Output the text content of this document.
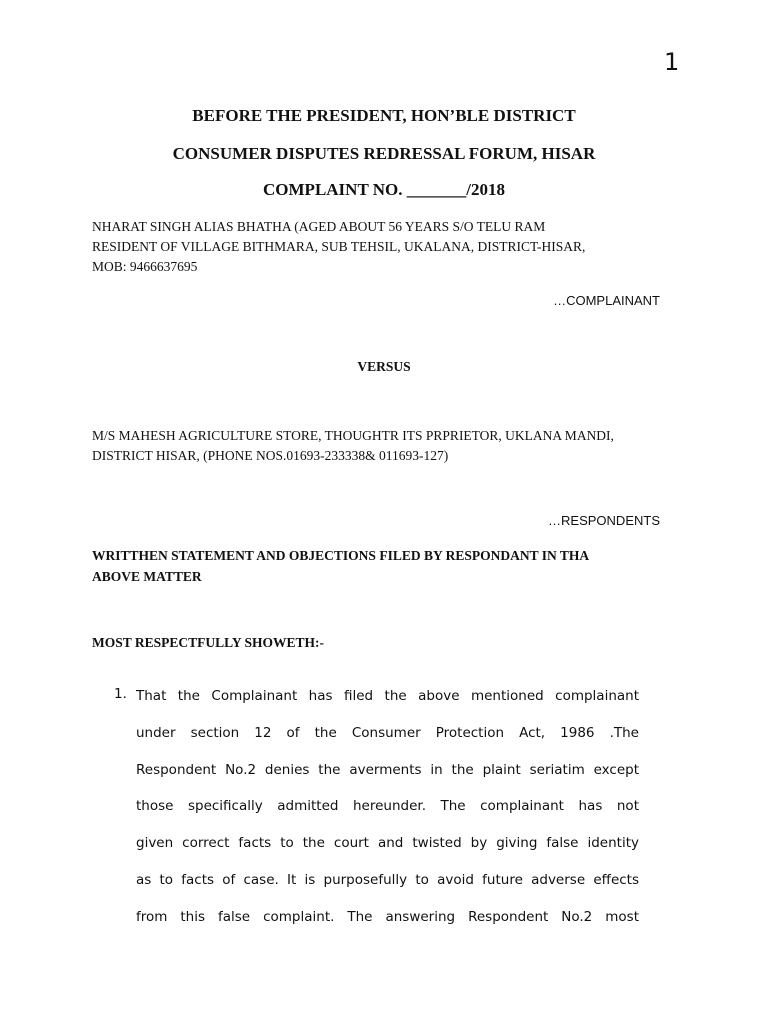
1
BEFORE THE PRESIDENT, HON’BLE DISTRICT
CONSUMER DISPUTES REDRESSAL FORUM, HISAR
COMPLAINT NO. _______/2018
NHARAT SINGH ALIAS BHATHA (AGED ABOUT 56 YEARS S/O TELU RAM
RESIDENT OF VILLAGE BITHMARA, SUB TEHSIL, UKALANA, DISTRICT-HISAR,
MOB: 9466637695
…COMPLAINANT
VERSUS
M/S MAHESH AGRICULTURE STORE, THOUGHTR ITS PRPRIETOR, UKLANA MANDI,
DISTRICT HISAR, (PHONE NOS.01693-233338& 011693-127)
…RESPONDENTS
WRITTHEN STATEMENT AND OBJECTIONS FILED BY RESPONDANT IN THA
ABOVE MATTER
MOST RESPECTFULLY SHOWETH:-
1. That the Complainant has filed the above mentioned complainant
under section 12 of the Consumer Protection Act, 1986 .The
Respondent No.2 denies the averments in the plaint seriatim except
those specifically admitted hereunder. The complainant has not
given correct facts to the court and twisted by giving false identity
as to facts of case. It is purposefully to avoid future adverse effects
from this false complaint. The answering Respondent No.2 most
